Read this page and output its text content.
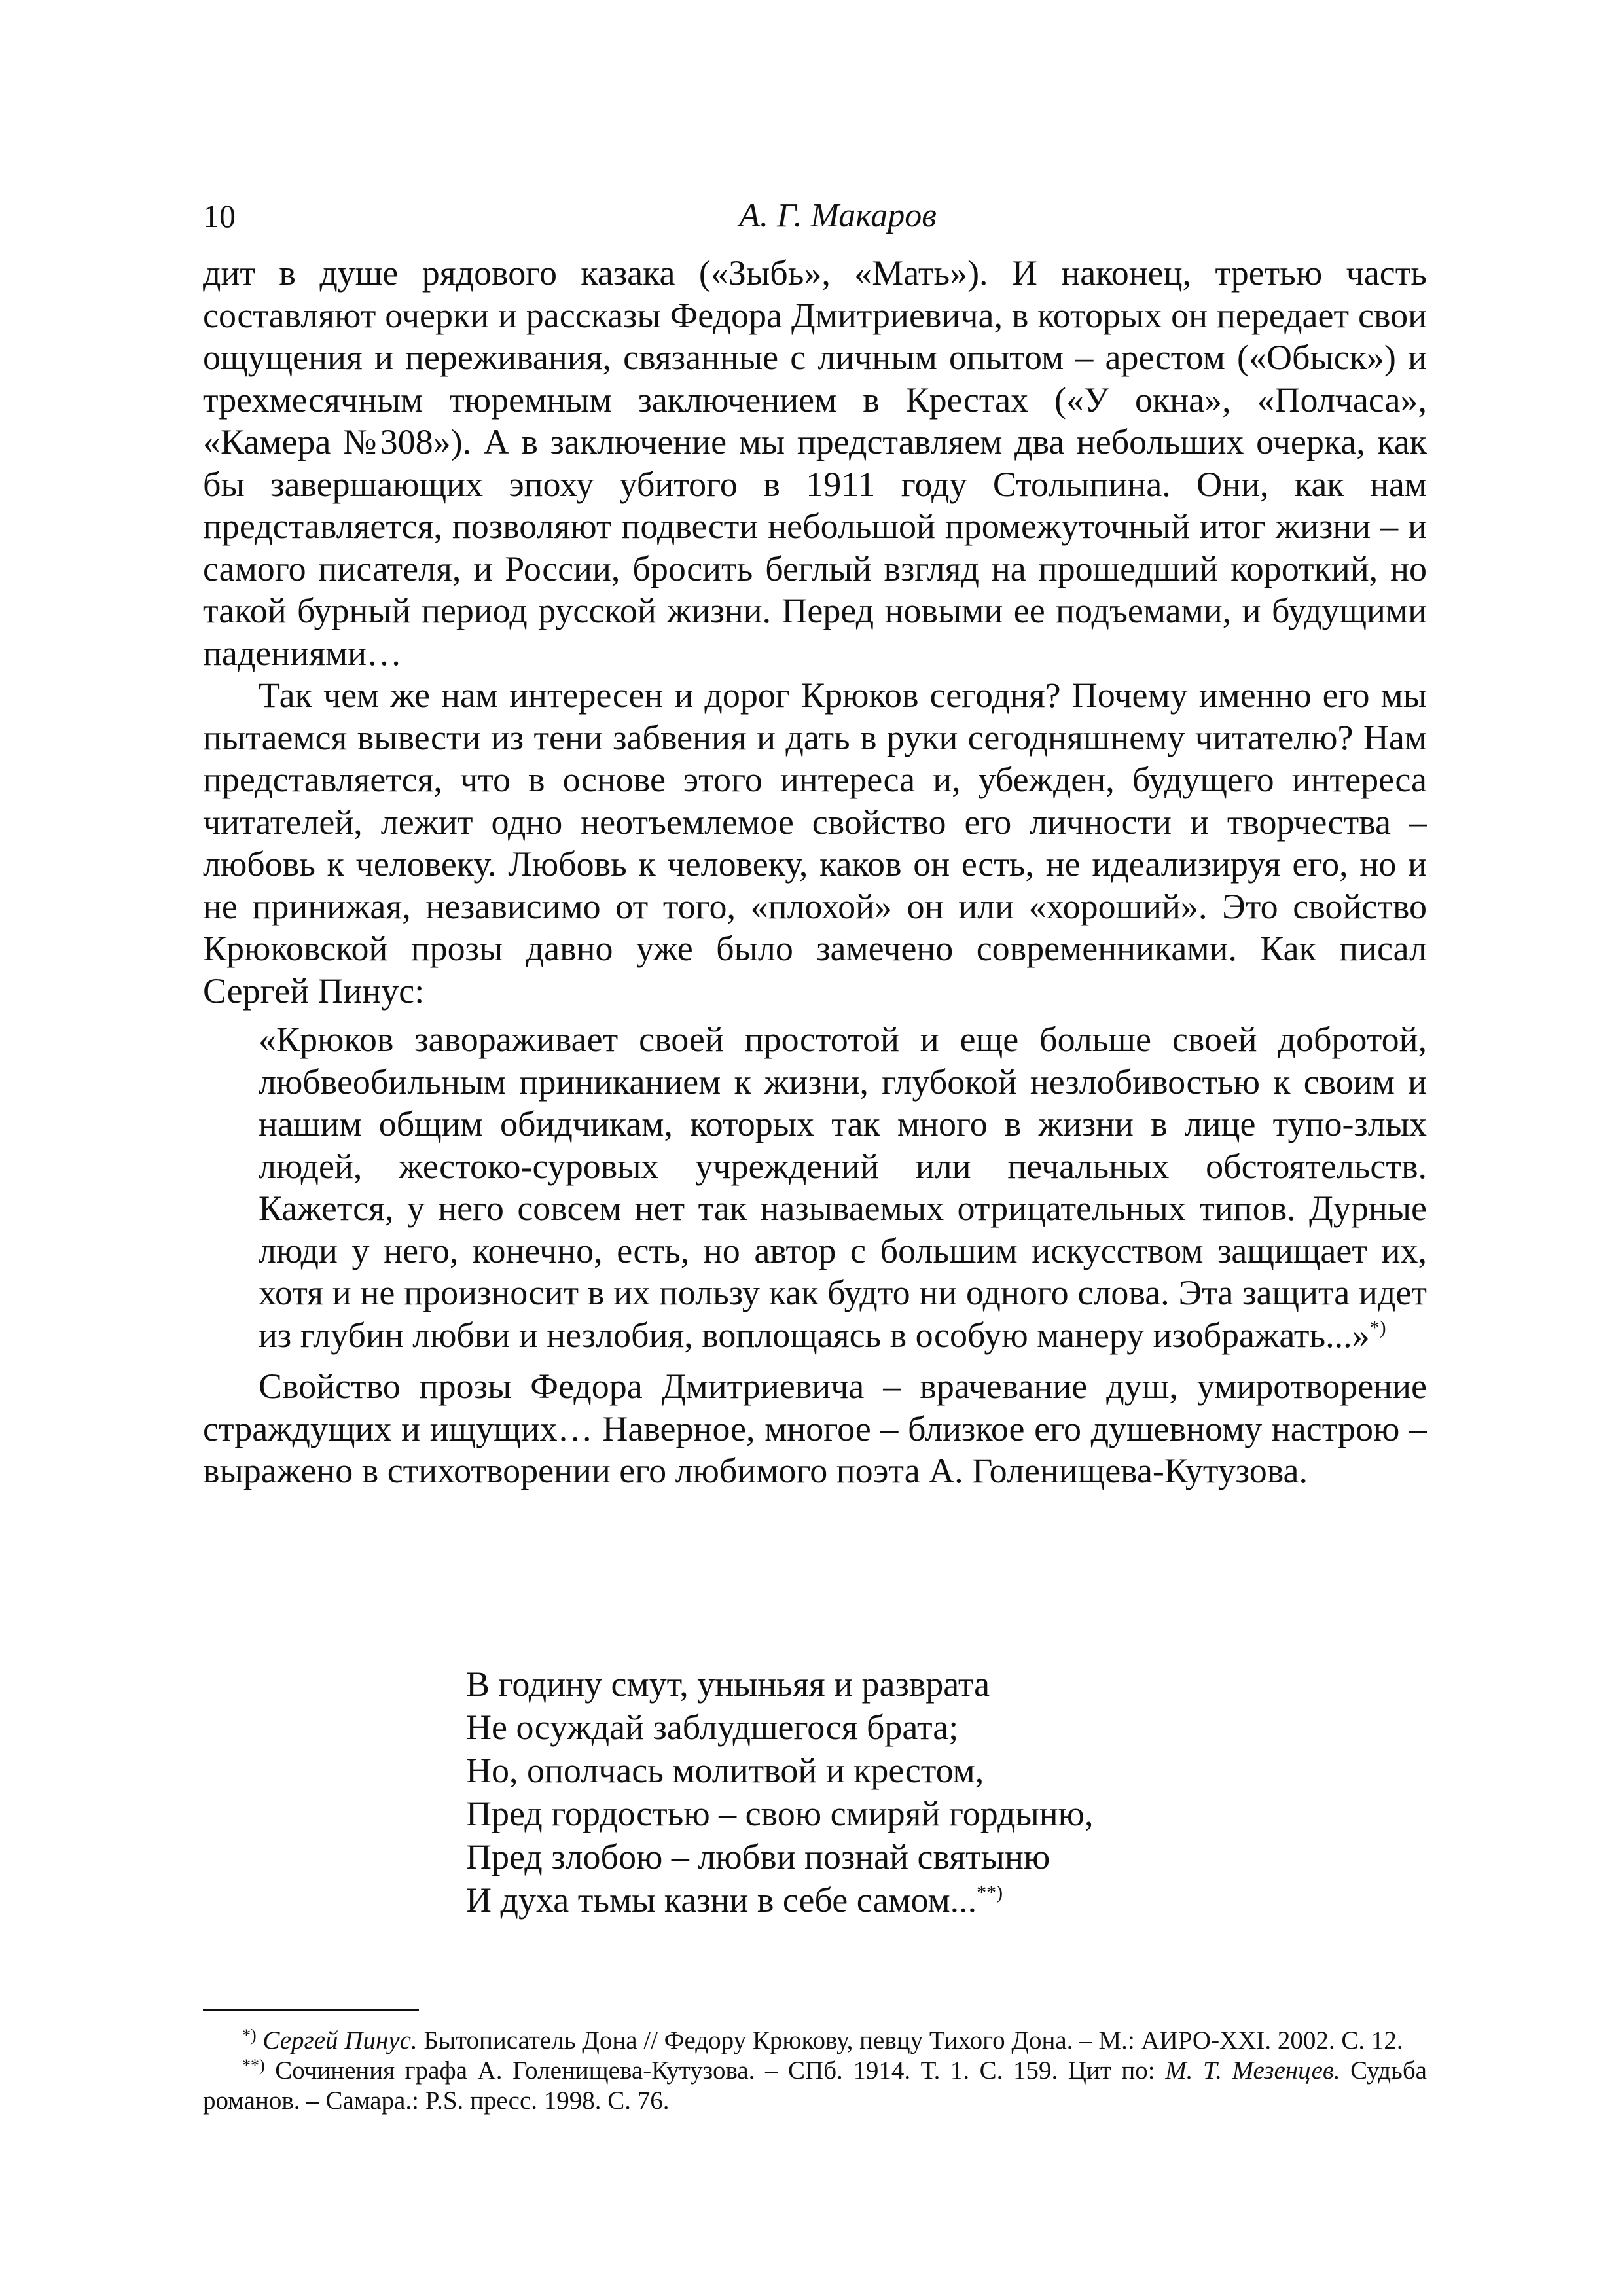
10	А. Г. Макаров

дит в душе рядового казака («Зыбь», «Мать»). И наконец, третью часть составляют очерки и рассказы Федора Дмитриевича, в которых он передает свои ощущения и переживания, связанные с личным опытом – арестом («Обыск») и трехмесячным тюремным заключением в Крестах («У окна», «Полчаса», «Камера №308»). А в заключение мы представляем два небольших очерка, как бы завершающих эпоху убитого в 1911 году Столыпина. Они, как нам представляется, позволяют подвести небольшой промежуточный итог жизни – и самого писателя, и России, бросить беглый взгляд на прошедший короткий, но такой бурный период русской жизни. Перед новыми ее подъемами, и будущими падениями…

Так чем же нам интересен и дорог Крюков сегодня? Почему именно его мы пытаемся вывести из тени забвения и дать в руки сегодняшнему читателю? Нам представляется, что в основе этого интереса и, убежден, будущего интереса читателей, лежит одно неотъемлемое свойство его личности и творчества – любовь к человеку. Любовь к человеку, каков он есть, не идеализируя его, но и не принижая, независимо от того, «плохой» он или «хороший». Это свойство Крюковской прозы давно уже было замечено современниками. Как писал Сергей Пинус:

«Крюков завораживает своей простотой и еще больше своей добротой, любвеобильным приниканием к жизни, глубокой незлобивостью к своим и нашим общим обидчикам, которых так много в жизни в лице тупо-злых людей, жестоко-суровых учреждений или печальных обстоятельств. Кажется, у него совсем нет так называемых отрицательных типов. Дурные люди у него, конечно, есть, но автор с большим искусством защищает их, хотя и не произносит в их пользу как будто ни одного слова. Эта защита идет из глубин любви и незлобия, воплощаясь в особую манеру изображать...»*)

Свойство прозы Федора Дмитриевича – врачевание душ, умиротворение страждущих и ищущих… Наверное, многое – близкое его душевному настрою – выражено в стихотворении его любимого поэта А. Голенищева-Кутузова.

В годину смут, уныньяя и разврата
Не осуждай заблудшегося брата;
Но, ополчась молитвой и крестом,
Пред гордостью – свою смиряй гордыню,
Пред злобою – любви познай святыню
И духа тьмы казни в себе самом...**)

*) Сергей Пинус. Бытописатель Дона // Федору Крюкову, певцу Тихого Дона. – М.: АИРО-XXI. 2002. С. 12.

**) Сочинения графа А. Голенищева-Кутузова. – СПб. 1914. Т. 1. С. 159. Цит по: М. Т. Мезенцев. Судьба романов. – Самара.: P.S. пресс. 1998. С. 76.
